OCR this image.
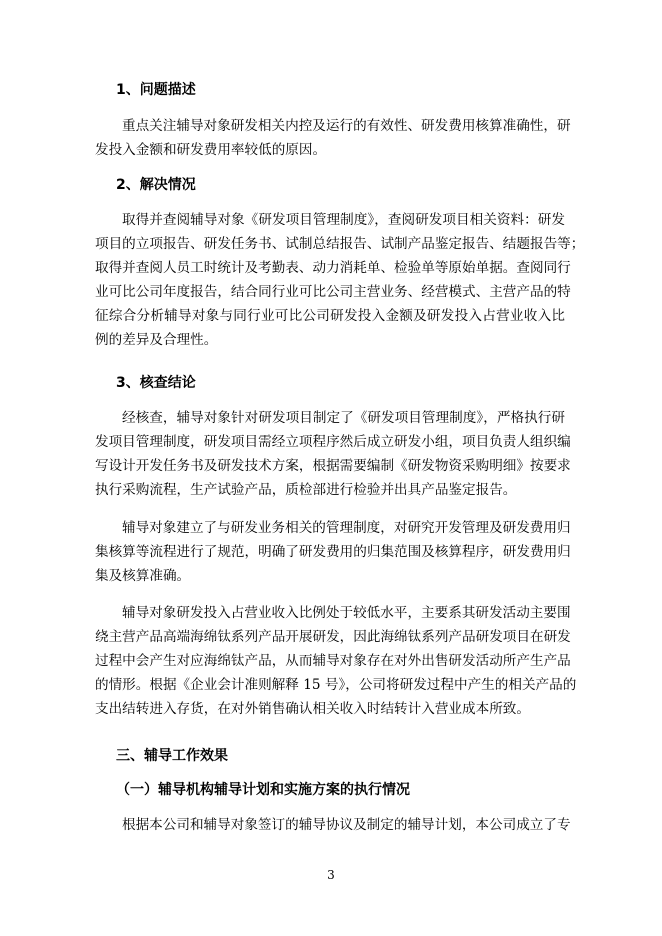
1、问题描述
重点关注辅导对象研发相关内控及运行的有效性、研发费用核算准确性，研
发投入金额和研发费用率较低的原因。
2、解决情况
取得并查阅辅导对象《研发项目管理制度》，查阅研发项目相关资料：研发
项目的立项报告、研发任务书、试制总结报告、试制产品鉴定报告、结题报告等；
取得并查阅人员工时统计及考勤表、动力消耗单、检验单等原始单据。查阅同行
业可比公司年度报告，结合同行业可比公司主营业务、经营模式、主营产品的特
征综合分析辅导对象与同行业可比公司研发投入金额及研发投入占营业收入比
例的差异及合理性。
3、核查结论
经核查，辅导对象针对研发项目制定了《研发项目管理制度》，严格执行研
发项目管理制度，研发项目需经立项程序然后成立研发小组，项目负责人组织编
写设计开发任务书及研发技术方案，根据需要编制《研发物资采购明细》按要求
执行采购流程，生产试验产品，质检部进行检验并出具产品鉴定报告。
辅导对象建立了与研发业务相关的管理制度，对研究开发管理及研发费用归
集核算等流程进行了规范，明确了研发费用的归集范围及核算程序，研发费用归
集及核算准确。
辅导对象研发投入占营业收入比例处于较低水平，主要系其研发活动主要围
绕主营产品高端海绵钛系列产品开展研发，因此海绵钛系列产品研发项目在研发
过程中会产生对应海绵钛产品，从而辅导对象存在对外出售研发活动所产生产品
的情形。根据《企业会计准则解释 15 号》，公司将研发过程中产生的相关产品的
支出结转进入存货，在对外销售确认相关收入时结转计入营业成本所致。
三、辅导工作效果
（一）辅导机构辅导计划和实施方案的执行情况
根据本公司和辅导对象签订的辅导协议及制定的辅导计划，本公司成立了专
3
